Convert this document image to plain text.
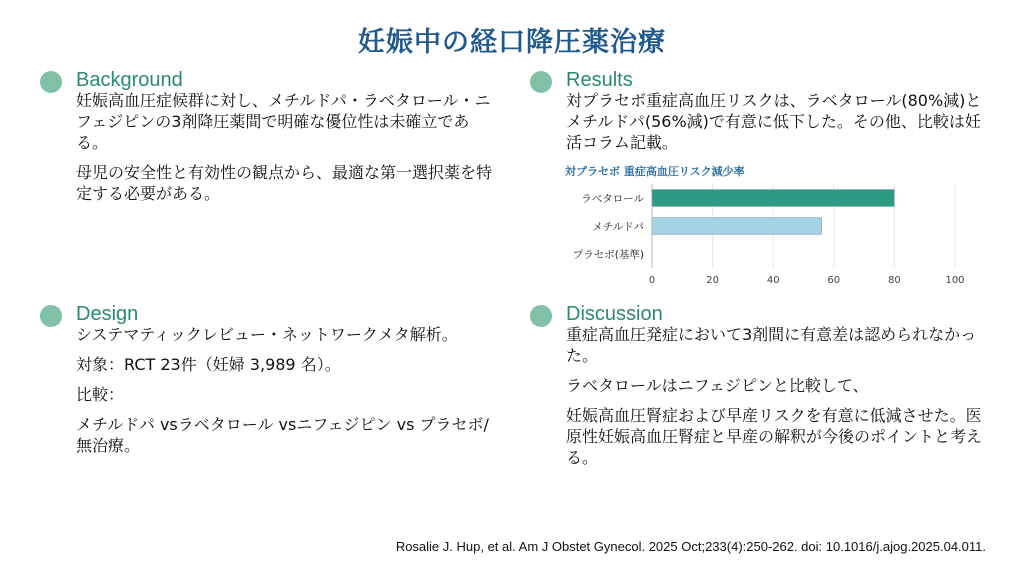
妊娠中の経口降圧薬治療
Background

妊娠高血圧症候群に対し、メチルドパ・ラベタロール・ニフェジピンの3剤降圧薬間で明確な優位性は未確立である。

母児の安全性と有効性の観点から、最適な第一選択薬を特定する必要がある。

Results

対プラセボ重症高血圧リスクは、ラベタロール(80%減)とメチルドパ(56%減)で有意に低下した。その他、比較は妊活コラム記載。

対プラセボ 重症高血圧リスク減少率
0	20	40	60	80	100
ラベタロール
メチルドパ
プラセボ(基準)
Design

システマティックレビュー・ネットワークメタ解析。

対象：RCT 23件（妊婦 3,989 名）。

比較：

メチルドパ vsラベタロール vsニフェジピン vs プラセボ/無治療。

Discussion

重症高血圧発症において3剤間に有意差は認められなかった。

ラベタロールはニフェジピンと比較して、

妊娠高血圧腎症および早産リスクを有意に低減させた。医原性妊娠高血圧腎症と早産の解釈が今後のポイントと考える。

Rosalie J. Hup, et al. Am J Obstet Gynecol. 2025 Oct;233(4):250-262. doi: 10.1016/j.ajog.2025.04.011.
